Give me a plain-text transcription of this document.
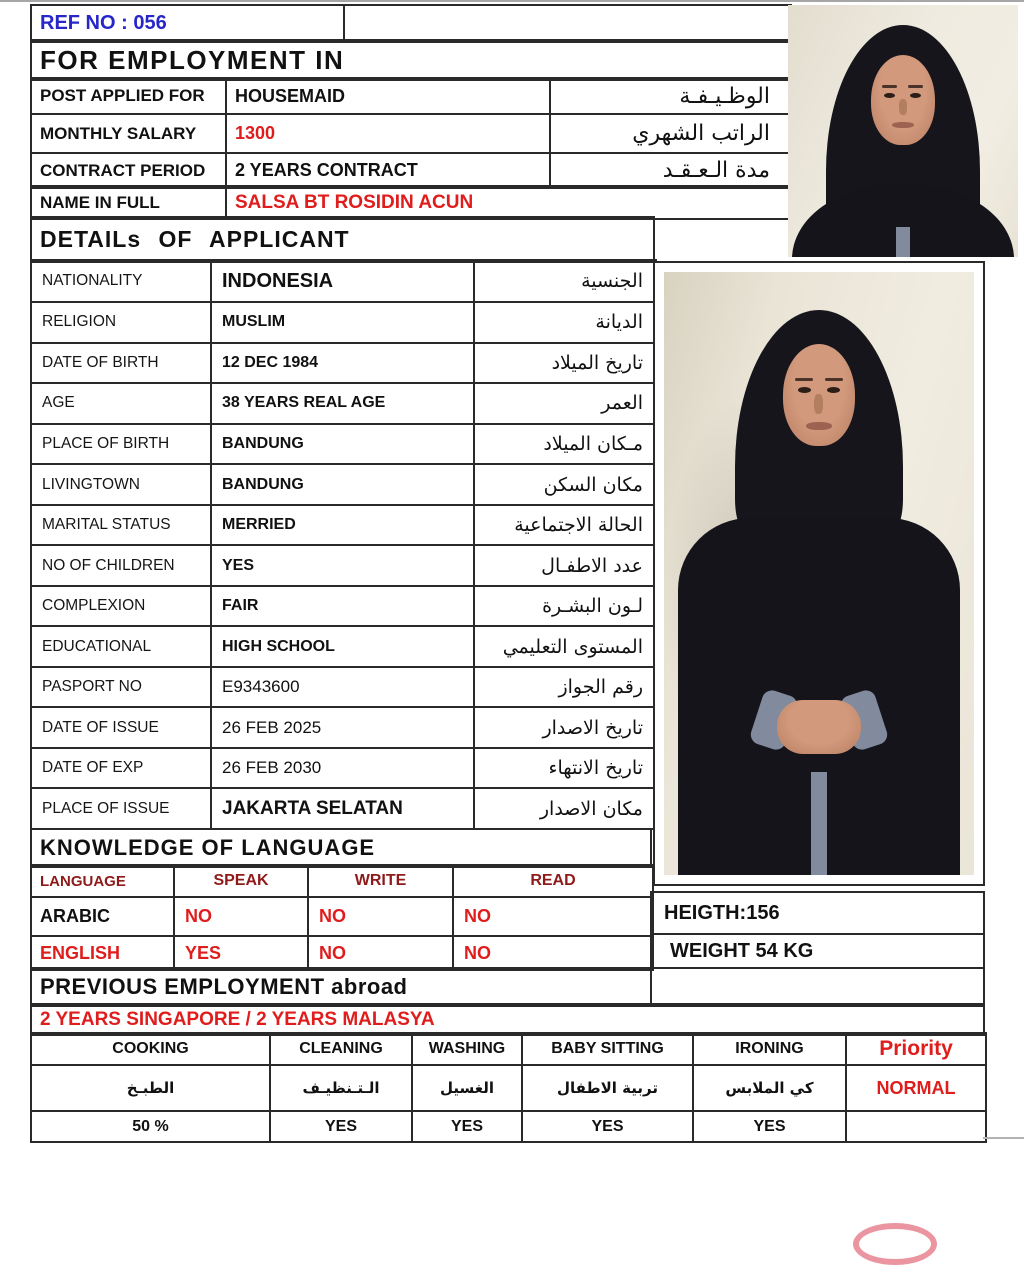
REF NO : 056	
FOR EMPLOYMENT IN
POST APPLIED FOR	HOUSEMAID	الوظـيـفـة
MONTHLY SALARY	1300	الراتب الشهري
CONTRACT PERIOD	2 YEARS CONTRACT	مدة الـعـقـد
NAME IN FULL	SALSA BT ROSIDIN ACUN
DETAILs OF APPLICANT
NATIONALITY	INDONESIA	الجنسية
RELIGION	MUSLIM	الديانة
DATE OF BIRTH	12 DEC 1984	تاريخ الميلاد
AGE	38 YEARS REAL AGE	العمر
PLACE OF BIRTH	BANDUNG	مـكان الميلاد
LIVINGTOWN	BANDUNG	مكان السكن
MARITAL STATUS	MERRIED	الحالة الاجتماعية
NO OF CHILDREN	YES	عدد الاطفـال
COMPLEXION	FAIR	لـون البشـرة
EDUCATIONAL	HIGH SCHOOL	المستوى التعليمي
PASPORT NO	E9343600	رقم الجواز
DATE OF ISSUE	26 FEB 2025	تاريخ الاصدار
DATE OF EXP	26 FEB 2030	تاريخ الانتهاء
PLACE OF ISSUE	JAKARTA SELATAN	مكان الاصدار
KNOWLEDGE OF LANGUAGE
LANGUAGE	SPEAK	WRITE	READ
ARABIC	NO	NO	NO
ENGLISH	YES	NO	NO
HEIGTH:156
WEIGHT 54 KG

PREVIOUS EMPLOYMENT abroad
2 YEARS SINGAPORE / 2 YEARS MALASYA
COOKING	CLEANING	WASHING	BABY SITTING	IRONING	Priority
الطبـخ	الـتـنظيـف	الغسيل	تربية الاطفال	كي الملابس	NORMAL
50 %	YES	YES	YES	YES	
